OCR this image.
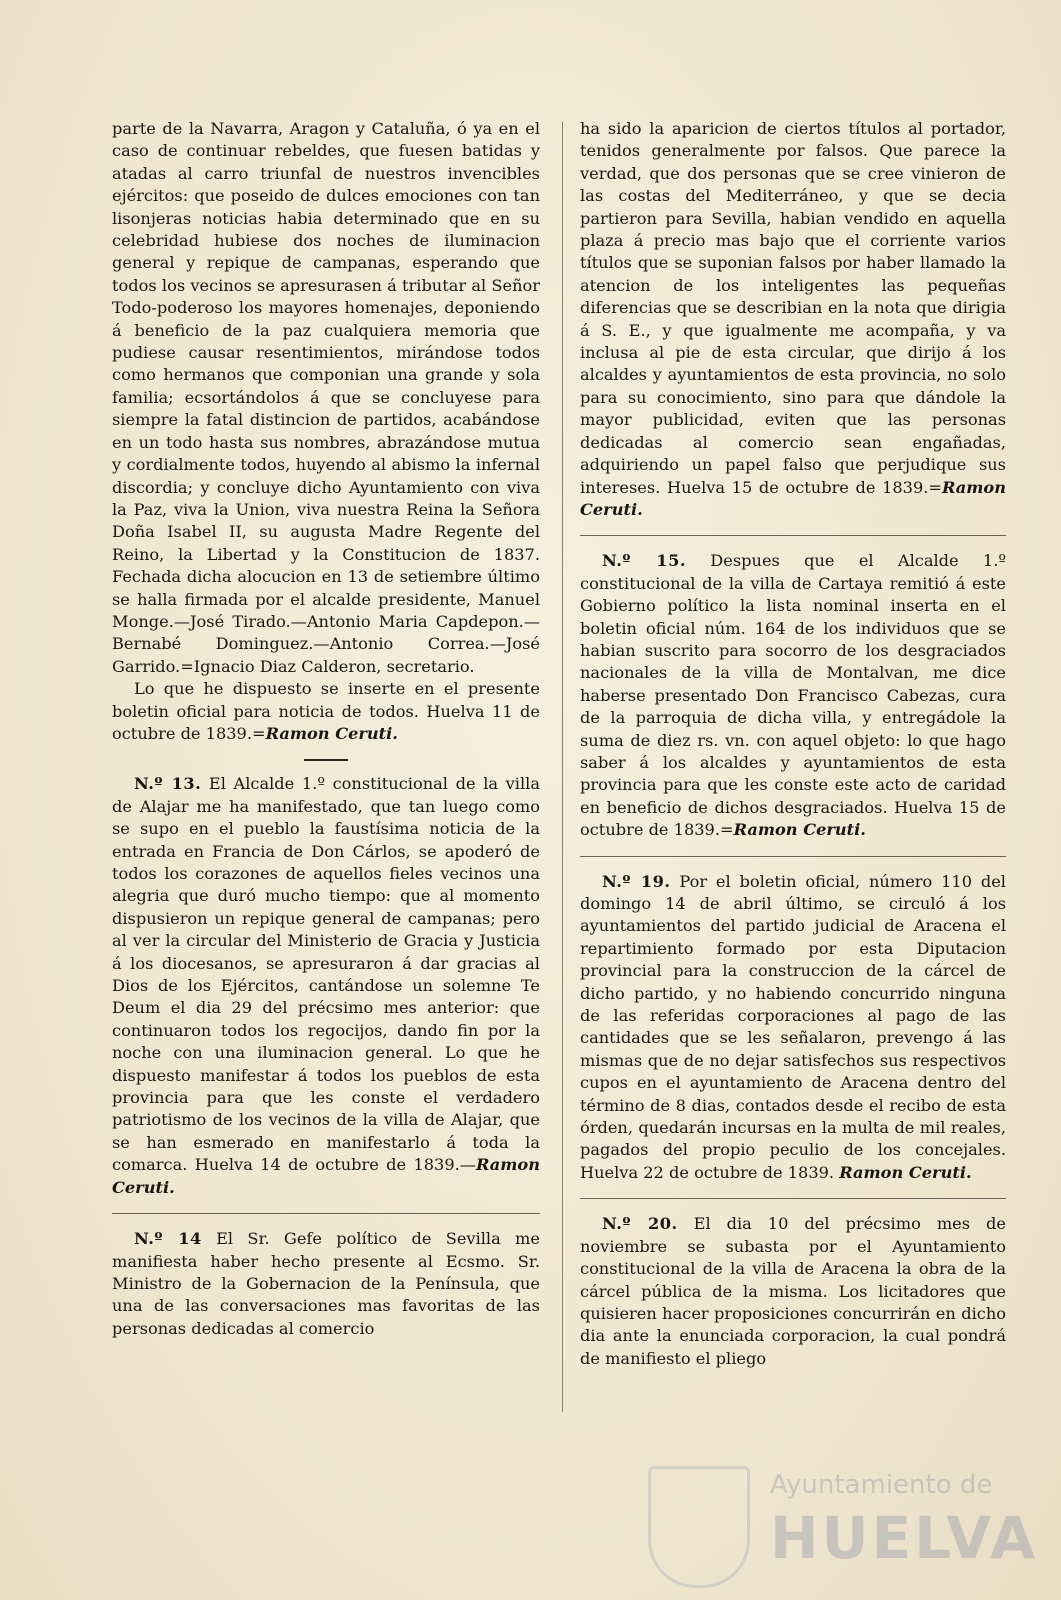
parte de la Navarra, Aragon y Cataluña, ó ya en el caso de continuar rebeldes, que fuesen batidas y atadas al carro triunfal de nuestros invencibles ejércitos: que poseido de dulces emociones con tan lisonjeras noticias habia determinado que en su celebridad hubiese dos noches de iluminacion general y repique de campanas, esperando que todos los vecinos se apresurasen á tributar al Señor Todo-poderoso los mayores homenajes, deponiendo á beneficio de la paz cualquiera memoria que pudiese causar resentimientos, mirándose todos como hermanos que componian una grande y sola familia; ecsortándolos á que se concluyese para siempre la fatal distincion de partidos, acabándose en un todo hasta sus nombres, abrazándose mutua y cordialmente todos, huyendo al abismo la infernal discordia; y concluye dicho Ayuntamiento con viva la Paz, viva la Union, viva nuestra Reina la Señora Doña Isabel II, su augusta Madre Regente del Reino, la Libertad y la Constitucion de 1837. Fechada dicha alocucion en 13 de setiembre último se halla firmada por el alcalde presidente, Manuel Monge.—José Tirado.—Antonio Maria Capdepon.—Bernabé Dominguez.—Antonio Correa.—José Garrido.=Ignacio Diaz Calderon, secretario.

Lo que he dispuesto se inserte en el presente boletin oficial para noticia de todos. Huelva 11 de octubre de 1839.=Ramon Ceruti.

N.º 13. El Alcalde 1.º constitucional de la villa de Alajar me ha manifestado, que tan luego como se supo en el pueblo la faustísima noticia de la entrada en Francia de Don Cárlos, se apoderó de todos los corazones de aquellos fieles vecinos una alegria que duró mucho tiempo: que al momento dispusieron un repique general de campanas; pero al ver la circular del Ministerio de Gracia y Justicia á los diocesanos, se apresuraron á dar gracias al Dios de los Ejércitos, cantándose un solemne Te Deum el dia 29 del précsimo mes anterior: que continuaron todos los regocijos, dando fin por la noche con una iluminacion general. Lo que he dispuesto manifestar á todos los pueblos de esta provincia para que les conste el verdadero patriotismo de los vecinos de la villa de Alajar, que se han esmerado en manifestarlo á toda la comarca. Huelva 14 de octubre de 1839.—Ramon Ceruti.

N.º 14 El Sr. Gefe político de Sevilla me manifiesta haber hecho presente al Ecsmo. Sr. Ministro de la Gobernacion de la Península, que una de las conversaciones mas favoritas de las personas dedicadas al comercio

ha sido la aparicion de ciertos títulos al portador, tenidos generalmente por falsos. Que parece la verdad, que dos personas que se cree vinieron de las costas del Mediterráneo, y que se decia partieron para Sevilla, habian vendido en aquella plaza á precio mas bajo que el corriente varios títulos que se suponian falsos por haber llamado la atencion de los inteligentes las pequeñas diferencias que se describian en la nota que dirigia á S. E., y que igualmente me acompaña, y va inclusa al pie de esta circular, que dirijo á los alcaldes y ayuntamientos de esta provincia, no solo para su conocimiento, sino para que dándole la mayor publicidad, eviten que las personas dedicadas al comercio sean engañadas, adquiriendo un papel falso que perjudique sus intereses. Huelva 15 de octubre de 1839.=Ramon Ceruti.

N.º 15. Despues que el Alcalde 1.º constitucional de la villa de Cartaya remitió á este Gobierno político la lista nominal inserta en el boletin oficial núm. 164 de los individuos que se habian suscrito para socorro de los desgraciados nacionales de la villa de Montalvan, me dice haberse presentado Don Francisco Cabezas, cura de la parroquia de dicha villa, y entregádole la suma de diez rs. vn. con aquel objeto: lo que hago saber á los alcaldes y ayuntamientos de esta provincia para que les conste este acto de caridad en beneficio de dichos desgraciados. Huelva 15 de octubre de 1839.=Ramon Ceruti.

N.º 19. Por el boletin oficial, número 110 del domingo 14 de abril último, se circuló á los ayuntamientos del partido judicial de Aracena el repartimiento formado por esta Diputacion provincial para la construccion de la cárcel de dicho partido, y no habiendo concurrido ninguna de las referidas corporaciones al pago de las cantidades que se les señalaron, prevengo á las mismas que de no dejar satisfechos sus respectivos cupos en el ayuntamiento de Aracena dentro del término de 8 dias, contados desde el recibo de esta órden, quedarán incursas en la multa de mil reales, pagados del propio peculio de los concejales. Huelva 22 de octubre de 1839. Ramon Ceruti.

N.º 20. El dia 10 del précsimo mes de noviembre se subasta por el Ayuntamiento constitucional de la villa de Aracena la obra de la cárcel pública de la misma. Los licitadores que quisieren hacer proposiciones concurrirán en dicho dia ante la enunciada corporacion, la cual pondrá de manifiesto el pliego

Ayuntamiento de
HUELVA
